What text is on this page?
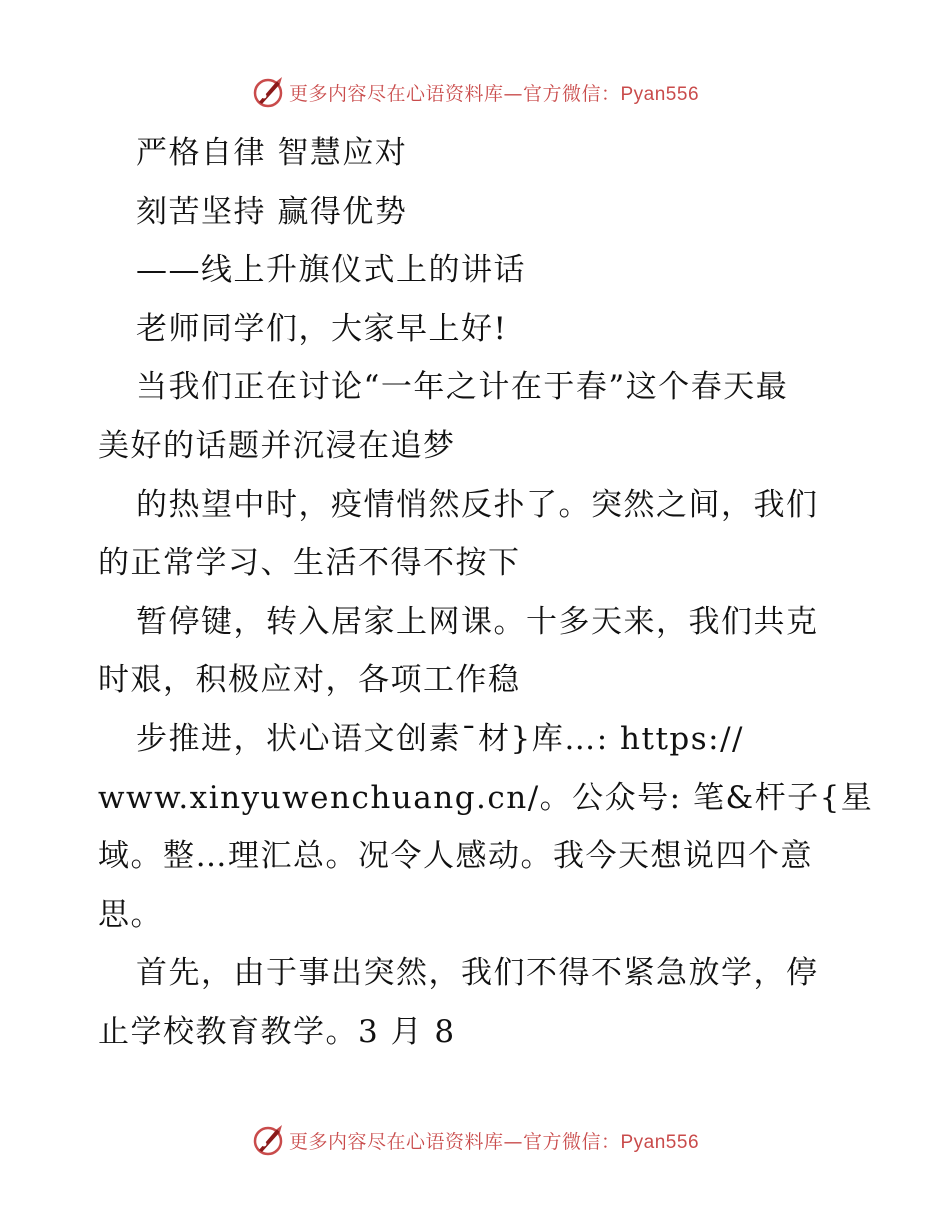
更多内容尽在心语资料库—官方微信：Pyan556
严格自律 智慧应对
刻苦坚持 赢得优势
——线上升旗仪式上的讲话
老师同学们，大家早上好!
当我们正在讨论“一年之计在于春”这个春天最
美好的话题并沉浸在追梦
的热望中时，疫情悄然反扑了。突然之间，我们
的正常学习、生活不得不按下
暂停键，转入居家上网课。十多天来，我们共克
时艰，积极应对，各项工作稳
步推进，状心语文创素¯材}库…: https://
www.xinyuwenchuang.cn/。公众号: 笔&杆子{星
域。整…理汇总。况令人感动。我今天想说四个意
思。
首先，由于事出突然，我们不得不紧急放学，停
止学校教育教学。3 月 8
更多内容尽在心语资料库—官方微信：Pyan556
